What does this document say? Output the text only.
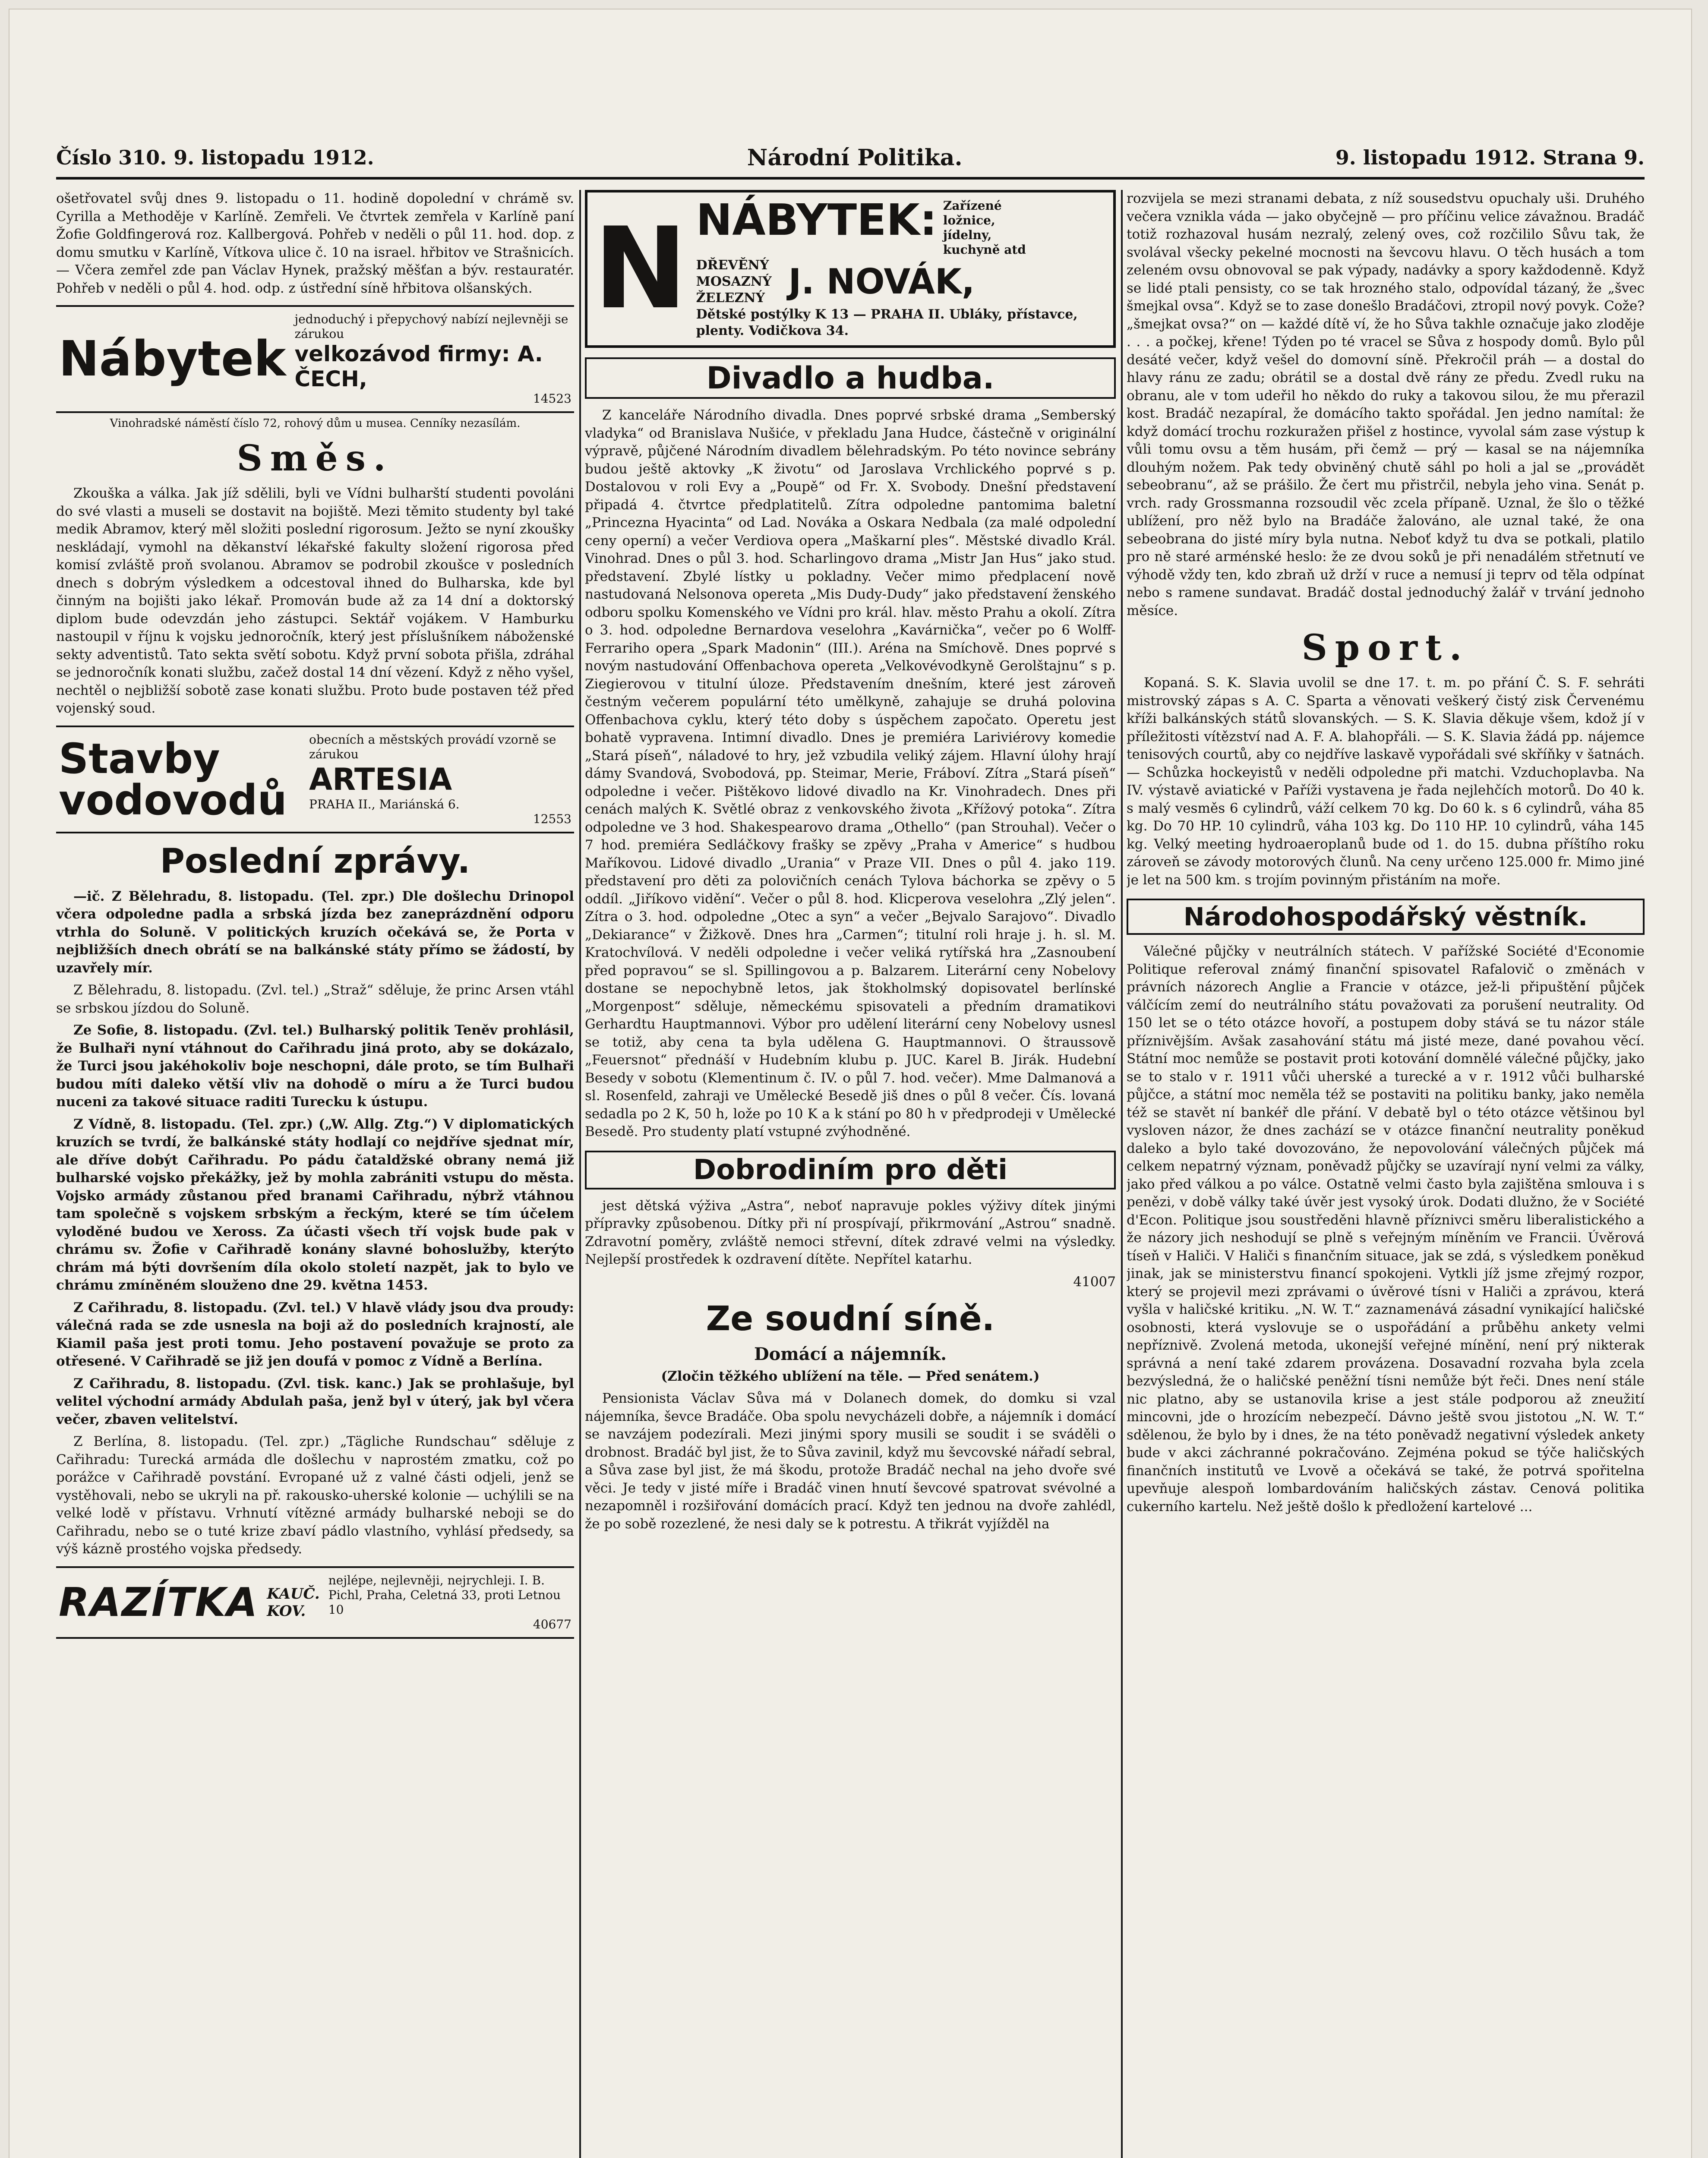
Číslo 310. 9. listopadu 1912.	Národní Politika.	9. listopadu 1912. Strana 9.

ošetřovatel svůj dnes 9. listopadu o 11. hodině dopolední v chrámě sv. Cyrilla a Methoděje v Karlíně. Zemřeli. Ve čtvrtek zemřela v Karlíně paní Žofie Goldfingerová roz. Kallbergová. Pohřeb v neděli o půl 11. hod. dop. z domu smutku v Karlíně, Vítkova ulice č. 10 na israel. hřbitov ve Strašnicích. — Včera zemřel zde pan Václav Hynek, pražský měšťan a býv. restauratér. Pohřeb v neděli o půl 4. hod. odp. z ústřední síně hřbitova olšanských.

Nábytek
jednoduchý i přepychový nabízí nejlevněji se zárukou
velkozávod firmy: A. ČECH,
14523
Vinohradské náměstí číslo 72, rohový dům u musea. Cenníky nezasílám.
Směs.

Zkouška a válka. Jak jíž sdělili, byli ve Vídni bulharští studenti povoláni do své vlasti a museli se dostavit na bojiště. Mezi těmito studenty byl také medik Abramov, který měl složiti poslední rigorosum. Ježto se nyní zkoušky neskládají, vymohl na děkanství lékařské fakulty složení rigorosa před komisí zvláště proň svolanou. Abramov se podrobil zkoušce v posledních dnech s dobrým výsledkem a odcestoval ihned do Bulharska, kde byl činným na bojišti jako lékař. Promován bude až za 14 dní a doktorský diplom bude odevzdán jeho zástupci. Sektář vojákem. V Hamburku nastoupil v říjnu k vojsku jednoročník, který jest příslušníkem náboženské sekty adventistů. Tato sekta světí sobotu. Když první sobota přišla, zdráhal se jednoročník konati službu, začež dostal 14 dní vězení. Když z něho vyšel, nechtěl o nejbližší sobotě zase konati službu. Proto bude postaven též před vojenský soud.

Stavby vodovodů
obecních a městských provádí vzorně se zárukou
ARTESIA
PRAHA II., Mariánská 6.
12553
Poslední zprávy.

—ič. Z Bělehradu, 8. listopadu. (Tel. zpr.) Dle došlechu Drinopol včera odpoledne padla a srbská jízda bez zaneprázdnění odporu vtrhla do Soluně. V politických kruzích očekává se, že Porta v nejbližších dnech obrátí se na balkánské státy přímo se žádostí, by uzavřely mír.

Z Bělehradu, 8. listopadu. (Zvl. tel.) „Straž“ sděluje, že princ Arsen vtáhl se srbskou jízdou do Soluně.

Ze Sofie, 8. listopadu. (Zvl. tel.) Bulharský politik Teněv prohlásil, že Bulhaři nyní vtáhnout do Cařihradu jiná proto, aby se dokázalo, že Turci jsou jakéhokoliv boje neschopni, dále proto, se tím Bulhaři budou míti daleko větší vliv na dohodě o míru a že Turci budou nuceni za takové situace raditi Turecku k ústupu.

Z Vídně, 8. listopadu. (Tel. zpr.) („W. Allg. Ztg.“) V diplomatických kruzích se tvrdí, že balkánské státy hodlají co nejdříve sjednat mír, ale dříve dobýt Cařihradu. Po pádu čataldžské obrany nemá již bulharské vojsko překážky, jež by mohla zabrániti vstupu do města. Vojsko armády zůstanou před branami Cařihradu, nýbrž vtáhnou tam společně s vojskem srbským a řeckým, které se tím účelem vyloděné budou ve Xeross. Za účasti všech tří vojsk bude pak v chrámu sv. Žofie v Cařihradě konány slavné bohoslužby, kterýto chrám má býti dovršením díla okolo století nazpět, jak to bylo ve chrámu zmíněném slouženo dne 29. května 1453.

Z Cařihradu, 8. listopadu. (Zvl. tel.) V hlavě vlády jsou dva proudy: válečná rada se zde usnesla na boji až do posledních krajností, ale Kiamil paša jest proti tomu. Jeho postavení považuje se proto za otřesené. V Cařihradě se již jen doufá v pomoc z Vídně a Berlína.

Z Cařihradu, 8. listopadu. (Zvl. tisk. kanc.) Jak se prohlašuje, byl velitel východní armády Abdulah paša, jenž byl v úterý, jak byl včera večer, zbaven velitelství.

Z Berlína, 8. listopadu. (Tel. zpr.) „Tägliche Rundschau“ sděluje z Cařihradu: Turecká armáda dle došlechu v naprostém zmatku, což po porážce v Cařihradě povstání. Evropané už z valné části odjeli, jenž se vystěhovali, nebo se ukryli na př. rakousko-uherské kolonie — uchýlili se na velké lodě v přístavu. Vrhnutí vítězné armády bulharské neboji se do Cařihradu, nebo se o tuté krize zbaví pádlo vlastního, vyhlásí předsedy, sa výš kázně prostého vojska předsedy.

RAZÍTKA KAUČ.
KOV.
nejlépe, nejlevněji, nejrychleji. I. B. Pichl, Praha, Celetná 33, proti Letnou 10
40677
N NÁBYTEK: Zařízené ložnice, jídelny, kuchyně atd
DŘEVĚNÝ MOSAZNÝ ŽELEZNÝ J. NOVÁK,
Dětské postýlky K 13 — PRAHA II. Ubláky, přístavce, plenty. Vodičkova 34.
Divadlo a hudba.

Z kanceláře Národního divadla. Dnes poprvé srbské drama „Semberský vladyka“ od Branislava Nušiće, v překladu Jana Hudce, částečně v originální výpravě, půjčené Národním divadlem bělehradským. Po této novince sebrány budou ještě aktovky „K životu“ od Jaroslava Vrchlického poprvé s p. Dostalovou v roli Evy a „Poupě“ od Fr. X. Svobody. Dnešní představení připadá 4. čtvrtce předplatitelů. Zítra odpoledne pantomima baletní „Princezna Hyacinta“ od Lad. Nováka a Oskara Nedbala (za malé odpolední ceny operní) a večer Verdiova opera „Maškarní ples“. Městské divadlo Král. Vinohrad. Dnes o půl 3. hod. Scharlingovo drama „Mistr Jan Hus“ jako stud. představení. Zbylé lístky u pokladny. Večer mimo předplacení nově nastudovaná Nelsonova opereta „Mis Dudy-Dudy“ jako představení ženského odboru spolku Komenského ve Vídni pro král. hlav. město Prahu a okolí. Zítra o 3. hod. odpoledne Bernardova veselohra „Kavárnička“, večer po 6 Wolff-Ferrariho opera „Spark Madonin“ (III.). Aréna na Smíchově. Dnes poprvé s novým nastudování Offenbachova opereta „Velkovévodkyně Gerolštajnu“ s p. Ziegierovou v titulní úloze. Představením dnešním, které jest zároveň čestným večerem populární této umělkyně, zahajuje se druhá polovina Offenbachova cyklu, který této doby s úspěchem započato. Operetu jest bohatě vypravena. Intimní divadlo. Dnes je premiéra Lariviérovy komedie „Stará píseň“, náladové to hry, jež vzbudila veliký zájem. Hlavní úlohy hrají dámy Svandová, Svobodová, pp. Steimar, Merie, Fráboví. Zítra „Stará píseň“ odpoledne i večer. Pištěkovo lidové divadlo na Kr. Vinohradech. Dnes při cenách malých K. Světlé obraz z venkovského života „Křížový potoka“. Zítra odpoledne ve 3 hod. Shakespearovo drama „Othello“ (pan Strouhal). Večer o 7 hod. premiéra Sedláčkovy frašky se zpěvy „Praha v Americe“ s hudbou Maříkovou. Lidové divadlo „Urania“ v Praze VII. Dnes o půl 4. jako 119. představení pro děti za polovičních cenách Tylova báchorka se zpěvy o 5 oddíl. „Jiříkovo vidění“. Večer o půl 8. hod. Klicperova veselohra „Zlý jelen“. Zítra o 3. hod. odpoledne „Otec a syn“ a večer „Bejvalo Sarajovo“. Divadlo „Dekiarance“ v Žižkově. Dnes hra „Carmen“; titulní roli hraje j. h. sl. M. Kratochvílová. V neděli odpoledne i večer veliká rytířská hra „Zasnoubení před popravou“ se sl. Spillingovou a p. Balzarem. Literární ceny Nobelovy dostane se nepochybně letos, jak štokholmský dopisovatel berlínské „Morgenpost“ sděluje, německému spisovateli a předním dramatikovi Gerhardtu Hauptmannovi. Výbor pro udělení literární ceny Nobelovy usnesl se totiž, aby cena ta byla udělena G. Hauptmannovi. O štraussově „Feuersnot“ přednáší v Hudebním klubu p. JUC. Karel B. Jirák. Hudební Besedy v sobotu (Klementinum č. IV. o půl 7. hod. večer). Mme Dalmanová a sl. Rosenfeld, zahraji ve Umělecké Besedě jiš dnes o půl 8 večer. Čís. lovaná sedadla po 2 K, 50 h, lože po 10 K a k stání po 80 h v předprodeji v Umělecké Besedě. Pro studenty platí vstupné zvýhodněné.

Dobrodiním pro děti

jest dětská výživa „Astra“, neboť napravuje pokles výživy dítek jinými přípravky způsobenou. Dítky při ní prospívají, přikrmování „Astrou“ snadně. Zdravotní poměry, zvláště nemoci střevní, dítek zdravé velmi na výsledky. Nejlepší prostředek k ozdravení dítěte. Nepřítel katarhu.

41007

Ze soudní síně.

Domácí a nájemník.

(Zločin těžkého ublížení na těle. — Před senátem.)

Pensionista Václav Sůva má v Dolanech domek, do domku si vzal nájemníka, ševce Bradáče. Oba spolu nevycházeli dobře, a nájemník i domácí se navzájem podezírali. Mezi jinými spory musili se soudit i se sváděli o drobnost. Bradáč byl jist, že to Sůva zavinil, když mu ševcovské nářadí sebral, a Sůva zase byl jist, že má škodu, protože Bradáč nechal na jeho dvoře své věci. Je tedy v jisté míře i Bradáč vinen hnutí ševcové spatrovat svévolné a nezapomněl i rozšiřování domácích prací. Když ten jednou na dvoře zahlédl, že po sobě rozezlené, že nesi daly se k potrestu. A třikrát vyjížděl na

rozvijela se mezi stranami debata, z níž sousedstvu opuchaly uši. Druhého večera vznikla váda — jako obyčejně — pro příčinu velice závažnou. Bradáč totiž rozhazoval husám nezralý, zelený oves, což rozčililo Sůvu tak, že svolával všecky pekelné mocnosti na ševcovu hlavu. O těch husách a tom zeleném ovsu obnovoval se pak výpady, nadávky a spory každodenně. Když se lidé ptali pensisty, co se tak hrozného stalo, odpovídal tázaný, že „švec šmejkal ovsa“. Když se to zase donešlo Bradáčovi, ztropil nový povyk. Cože? „šmejkat ovsa?“ on — každé dítě ví, že ho Sůva takhle označuje jako zloděje . . . a počkej, křene! Týden po té vracel se Sůva z hospody domů. Bylo půl desáté večer, když vešel do domovní síně. Překročil práh — a dostal do hlavy ránu ze zadu; obrátil se a dostal dvě rány ze předu. Zvedl ruku na obranu, ale v tom udeřil ho někdo do ruky a takovou silou, že mu přerazil kost. Bradáč nezapíral, že domácího takto spořádal. Jen jedno namítal: že když domácí trochu rozkuražen přišel z hostince, vyvolal sám zase výstup k vůli tomu ovsu a těm husám, při čemž — prý — kasal se na nájemníka dlouhým nožem. Pak tedy obviněný chutě sáhl po holi a jal se „provádět sebeobranu“, až se prášilo. Že čert mu přistrčil, nebyla jeho vina. Senát p. vrch. rady Grossmanna rozsoudil věc zcela přípaně. Uznal, že šlo o těžké ublížení, pro něž bylo na Bradáče žalováno, ale uznal také, že ona sebeobrana do jisté míry byla nutna. Neboť když tu dva se potkali, platilo pro ně staré arménské heslo: že ze dvou soků je při nenadálém střetnutí ve výhodě vždy ten, kdo zbraň už drží v ruce a nemusí ji teprv od těla odpínat nebo s ramene sundavat. Bradáč dostal jednoduchý žalář v trvání jednoho měsíce.

Sport.

Kopaná. S. K. Slavia uvolil se dne 17. t. m. po přání Č. S. F. sehráti mistrovský zápas s A. C. Sparta a věnovati veškerý čistý zisk Červenému kříži balkánských států slovanských. — S. K. Slavia děkuje všem, kdož jí v příležitosti vítězství nad A. F. A. blahopřáli. — S. K. Slavia žádá pp. nájemce tenisových courtů, aby co nejdříve laskavě vypořádali své skříňky v šatnách. — Schůzka hockeyistů v neděli odpoledne při matchi. Vzduchoplavba. Na IV. výstavě aviatické v Paříži vystavena je řada nejlehčích motorů. Do 40 k. s malý vesměs 6 cylindrů, váží celkem 70 kg. Do 60 k. s 6 cylindrů, váha 85 kg. Do 70 HP. 10 cylindrů, váha 103 kg. Do 110 HP. 10 cylindrů, váha 145 kg. Velký meeting hydroaeroplanů bude od 1. do 15. dubna příštího roku zároveň se závody motorových člunů. Na ceny určeno 125.000 fr. Mimo jiné je let na 500 km. s trojím povinným přistáním na moře.

Národohospodářský věstník.

Válečné půjčky v neutrálních státech. V pařížské Société d'Economie Politique referoval známý finanční spisovatel Rafalovič o změnách v právních názorech Anglie a Francie v otázce, jež-li připuštění půjček válčícím zemí do neutrálního státu považovati za porušení neutrality. Od 150 let se o této otázce hovoří, a postupem doby stává se tu názor stále příznivějším. Avšak zasahování státu má jisté meze, dané povahou věcí. Státní moc nemůže se postavit proti kotování domnělé válečné půjčky, jako se to stalo v r. 1911 vůči uherské a turecké a v r. 1912 vůči bulharské půjčce, a státní moc neměla též se postaviti na politiku banky, jako neměla též se stavět ní bankéř dle přání. V debatě byl o této otázce většinou byl vysloven názor, že dnes zachází se v otázce finanční neutrality poněkud daleko a bylo také dovozováno, že nepovolování válečných půjček má celkem nepatrný význam, poněvadž půjčky se uzavírají nyní velmi za války, jako před válkou a po válce. Ostatně velmi často byla zajištěna smlouva i s penězi, v době války také úvěr jest vysoký úrok. Dodati dlužno, že v Société d'Econ. Politique jsou soustředěni hlavně příznivci směru liberalistického a že názory jich neshodují se plně s veřejným míněním ve Francii. Úvěrová tíseň v Haliči. V Haliči s finančním situace, jak se zdá, s výsledkem poněkud jinak, jak se ministerstvu financí spokojeni. Vytkli jíž jsme zřejmý rozpor, který se projevil mezi zprávami o úvěrové tísni v Haliči a zprávou, která vyšla v haličské kritiku. „N. W. T.“ zaznamenává zásadní vynikající haličské osobnosti, která vyslovuje se o uspořádání a průběhu ankety velmi nepříznivě. Zvolená metoda, ukonejší veřejné mínění, není prý nikterak správná a není také zdarem provázena. Dosavadní rozvaha byla zcela bezvýsledná, že o haličské peněžní tísni nemůže být řeči. Dnes není stále nic platno, aby se ustanovila krise a jest stále podporou až zneužití mincovni, jde o hrozícím nebezpečí. Dávno ještě svou jistotou „N. W. T.“ sdělenou, že bylo by i dnes, že na této poněvadž negativní výsledek ankety bude v akci záchranné pokračováno. Zejména pokud se týče haličských finančních institutů ve Lvově a očekává se také, že potrvá spořitelna upevňuje alespoň lombardováním haličských zástav. Cenová politika cukerního kartelu. Než ještě došlo k předložení kartelové ...
